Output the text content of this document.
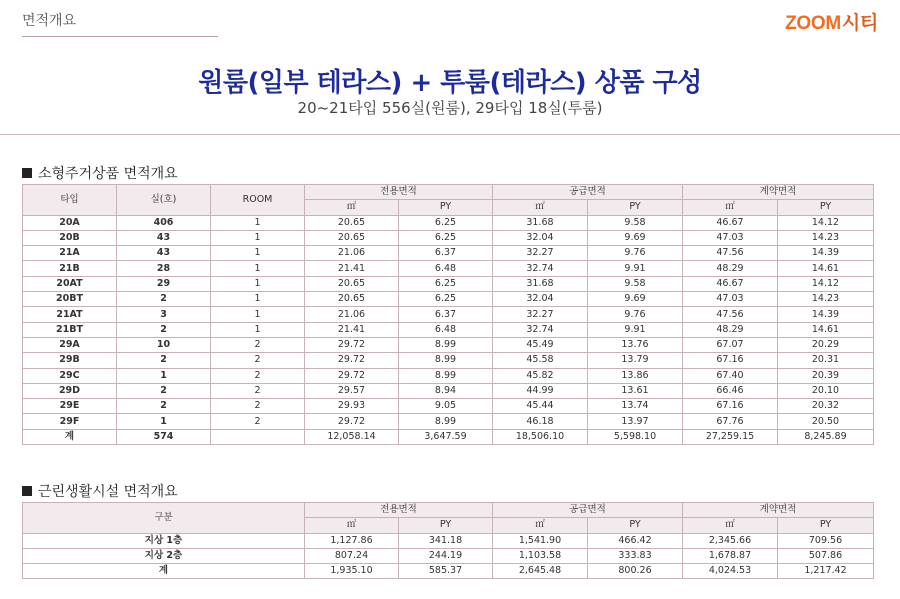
면적개요	ZOOM시티
원룸(일부 테라스) + 투룸(테라스) 상품 구성
20~21타입 556실(원룸), 29타입 18실(투룸)
소형주거상품 면적개요
타입	실(호)	ROOM	전용면적		공급면적		계약면적	
			㎡	PY	㎡	PY	㎡	PY
20A	406	1	20.65	6.25	31.68	9.58	46.67	14.12
20B	43	1	20.65	6.25	32.04	9.69	47.03	14.23
21A	43	1	21.06	6.37	32.27	9.76	47.56	14.39
21B	28	1	21.41	6.48	32.74	9.91	48.29	14.61
20AT	29	1	20.65	6.25	31.68	9.58	46.67	14.12
20BT	2	1	20.65	6.25	32.04	9.69	47.03	14.23
21AT	3	1	21.06	6.37	32.27	9.76	47.56	14.39
21BT	2	1	21.41	6.48	32.74	9.91	48.29	14.61
29A	10	2	29.72	8.99	45.49	13.76	67.07	20.29
29B	2	2	29.72	8.99	45.58	13.79	67.16	20.31
29C	1	2	29.72	8.99	45.82	13.86	67.40	20.39
29D	2	2	29.57	8.94	44.99	13.61	66.46	20.10
29E	2	2	29.93	9.05	45.44	13.74	67.16	20.32
29F	1	2	29.72	8.99	46.18	13.97	67.76	20.50
계	574		12,058.14	3,647.59	18,506.10	5,598.10	27,259.15	8,245.89
근린생활시설 면적개요
구분	전용면적		공급면적		계약면적	
	㎡	PY	㎡	PY	㎡	PY
지상 1층	1,127.86	341.18	1,541.90	466.42	2,345.66	709.56
지상 2층	807.24	244.19	1,103.58	333.83	1,678.87	507.86
계	1,935.10	585.37	2,645.48	800.26	4,024.53	1,217.42
